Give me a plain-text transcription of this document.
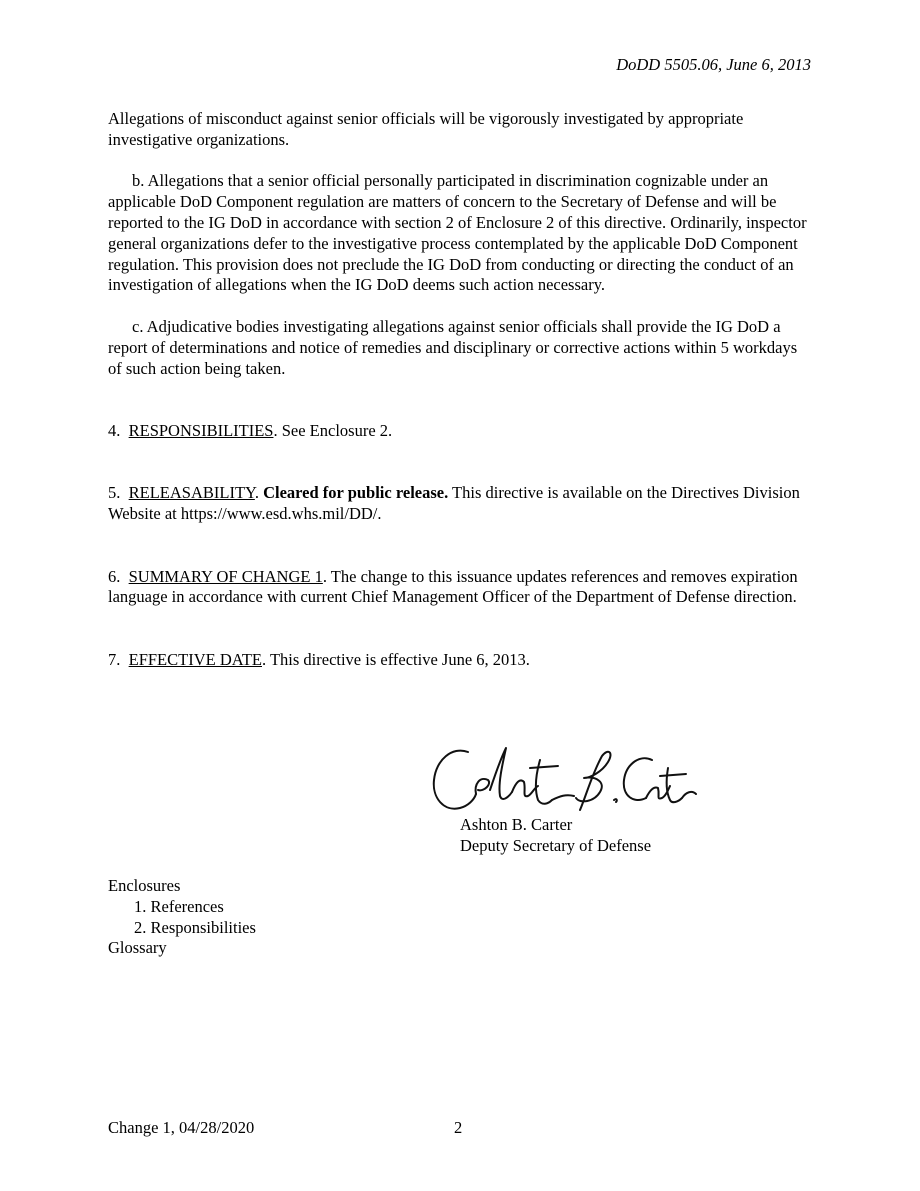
DoDD 5505.06, June 6, 2013

Allegations of misconduct against senior officials will be vigorously investigated by appropriate investigative organizations.

b. Allegations that a senior official personally participated in discrimination cognizable under an applicable DoD Component regulation are matters of concern to the Secretary of Defense and will be reported to the IG DoD in accordance with section 2 of Enclosure 2 of this directive. Ordinarily, inspector general organizations defer to the investigative process contemplated by the applicable DoD Component regulation. This provision does not preclude the IG DoD from conducting or directing the conduct of an investigation of allegations when the IG DoD deems such action necessary.

c. Adjudicative bodies investigating allegations against senior officials shall provide the IG DoD a report of determinations and notice of remedies and disciplinary or corrective actions within 5 workdays of such action being taken.

4. RESPONSIBILITIES. See Enclosure 2.

5. RELEASABILITY. Cleared for public release. This directive is available on the Directives Division Website at https://www.esd.whs.mil/DD/.

6. SUMMARY OF CHANGE 1. The change to this issuance updates references and removes expiration language in accordance with current Chief Management Officer of the Department of Defense direction.

7. EFFECTIVE DATE. This directive is effective June 6, 2013.

Ashton B. Carter
Deputy Secretary of Defense
Enclosures
1. References
2. Responsibilities
Glossary
Change 1, 04/28/2020	2
